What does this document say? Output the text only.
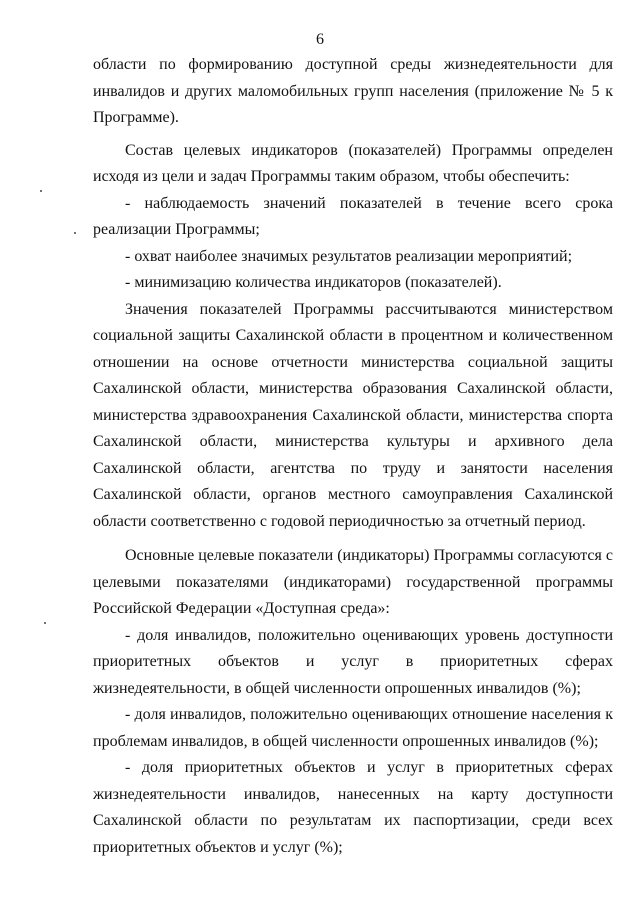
6

области по формированию доступной среды жизнедеятельности для инвалидов и других маломобильных групп населения (приложение № 5 к Программе).

Состав целевых индикаторов (показателей) Программы определен исходя из цели и задач Программы таким образом, чтобы обеспечить:

- наблюдаемость значений показателей в течение всего срока реализации Программы;

- охват наиболее значимых результатов реализации мероприятий;

- минимизацию количества индикаторов (показателей).

Значения показателей Программы рассчитываются министерством социальной защиты Сахалинской области в процентном и количественном отношении на основе отчетности министерства социальной защиты Сахалинской области, министерства образования Сахалинской области, министерства здравоохранения Сахалинской области, министерства спорта Сахалинской области, министерства культуры и архивного дела Сахалинской области, агентства по труду и занятости населения Сахалинской области, органов местного самоуправления Сахалинской области соответственно с годовой периодичностью за отчетный период.

Основные целевые показатели (индикаторы) Программы согласуются с целевыми показателями (индикаторами) государственной программы Российской Федерации «Доступная среда»:

- доля инвалидов, положительно оценивающих уровень доступности приоритетных объектов и услуг в приоритетных сферах жизнедеятельности, в общей численности опрошенных инвалидов (%);

- доля инвалидов, положительно оценивающих отношение населения к проблемам инвалидов, в общей численности опрошенных инвалидов (%);

- доля приоритетных объектов и услуг в приоритетных сферах жизнедеятельности инвалидов, нанесенных на карту доступности Сахалинской области по результатам их паспортизации, среди всех приоритетных объектов и услуг (%);
